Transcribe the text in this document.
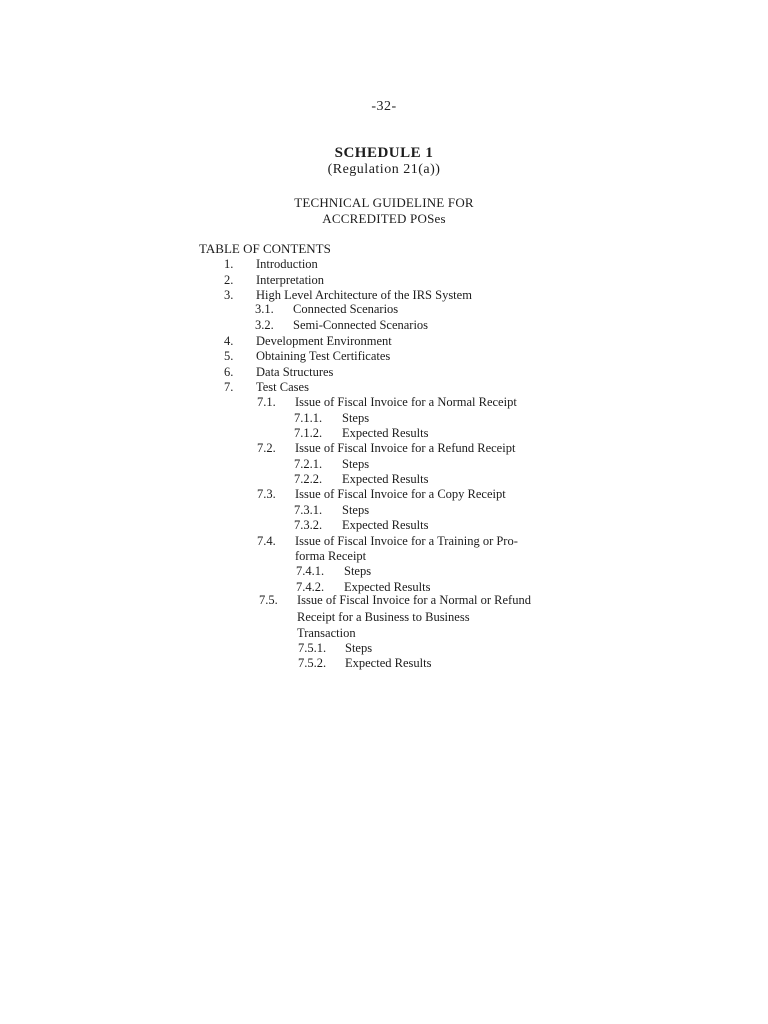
-32-
SCHEDULE 1
(Regulation 21(a))
TECHNICAL GUIDELINE FOR
ACCREDITED POSes
TABLE OF CONTENTS
1. Introduction
2. Interpretation
3. High Level Architecture of the IRS System
3.1. Connected Scenarios
3.2. Semi-Connected Scenarios
4. Development Environment
5. Obtaining Test Certificates
6. Data Structures
7. Test Cases
7.1. Issue of Fiscal Invoice for a Normal Receipt
7.1.1. Steps
7.1.2. Expected Results
7.2. Issue of Fiscal Invoice for a Refund Receipt
7.2.1. Steps
7.2.2. Expected Results
7.3. Issue of Fiscal Invoice for a Copy Receipt
7.3.1. Steps
7.3.2. Expected Results
7.4. Issue of Fiscal Invoice for a Training or Pro-
forma Receipt
7.4.1. Steps
7.4.2. Expected Results
7.5. Issue of Fiscal Invoice for a Normal or Refund
Receipt for a Business to Business
Transaction
7.5.1. Steps
7.5.2. Expected Results
